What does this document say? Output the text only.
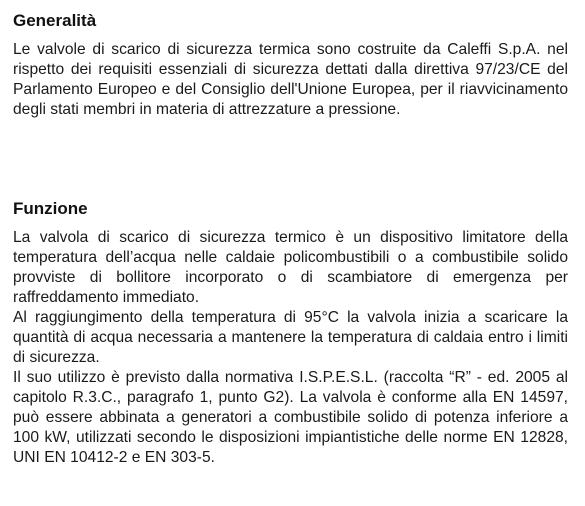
Generalità

Le valvole di scarico di sicurezza termica sono costruite da Caleffi S.p.A. nel rispetto dei requisiti essenziali di sicurezza dettati dalla direttiva 97/23/CE del Parlamento Europeo e del Consiglio dell'Unione Europea, per il riavvicinamento degli stati membri in materia di attrezzature a pressione.

Funzione

La valvola di scarico di sicurezza termico è un dispositivo limitatore della temperatura dell’acqua nelle caldaie policombustibili o a combustibile solido provviste di bollitore incorporato o di scambiatore di emergenza per raffreddamento immediato.

Al raggiungimento della temperatura di 95°C la valvola inizia a scaricare la quantità di acqua necessaria a mantenere la temperatura di caldaia entro i limiti di sicurezza.

Il suo utilizzo è previsto dalla normativa I.S.P.E.S.L. (raccolta “R” - ed. 2005 al capitolo R.3.C., paragrafo 1, punto G2). La valvola è conforme alla EN 14597, può essere abbinata a generatori a combustibile solido di potenza inferiore a 100 kW, utilizzati secondo le disposizioni impiantistiche delle norme EN 12828, UNI EN 10412-2 e EN 303-5.
